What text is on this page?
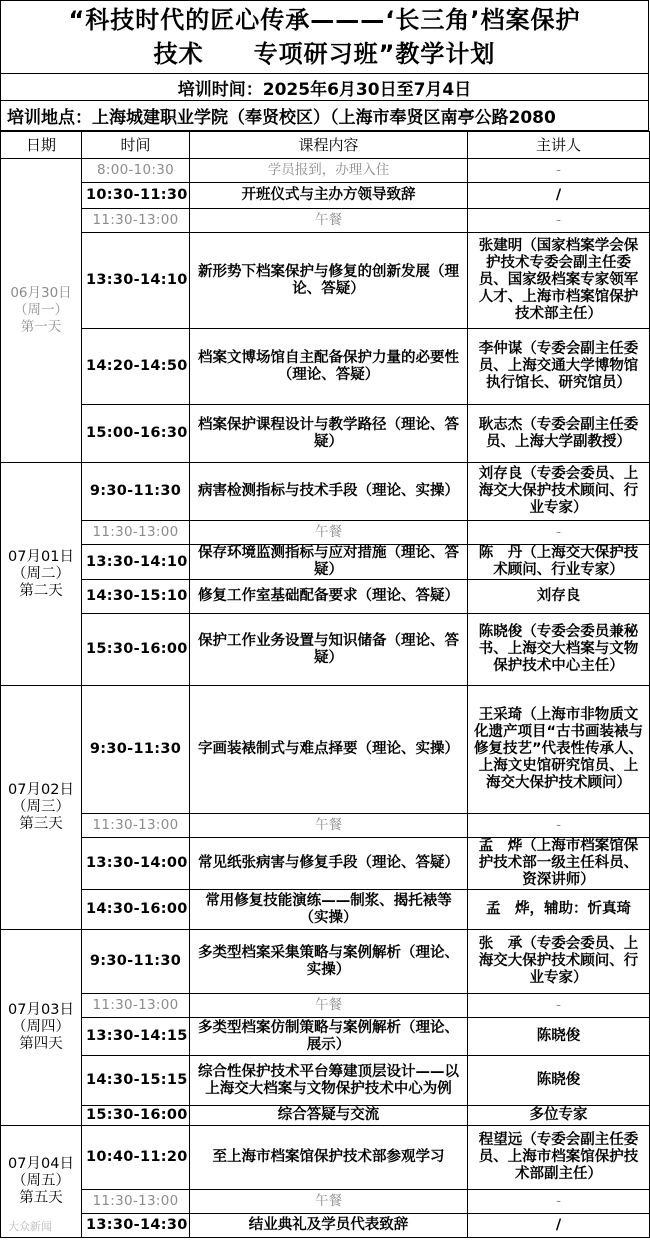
“科技时代的匠心传承———‘长三角’档案保护
技术　　专项研习班”教学计划
培训时间：2025年6月30日至7月4日
培训地点：上海城建职业学院（奉贤校区）（上海市奉贤区南亭公路2080
日期	时间	课程内容	主讲人

06月30日
（周一）
第一天	8:00-10:30	学员报到，办理入住	-
	10:30-11:30	开班仪式与主办方领导致辞	/
	11:30-13:00	午餐	-
	13:30-14:10	新形势下档案保护与修复的创新发展（理论、答疑）	张建明（国家档案学会保护技术专委会副主任委员、国家级档案专家领军人才、上海市档案馆保护技术部主任）
	14:20-14:50	档案文博场馆自主配备保护力量的必要性（理论、答疑）	李仲谋（专委会副主任委员、上海交通大学博物馆执行馆长、研究馆员）
	15:00-16:30	档案保护课程设计与教学路径（理论、答疑）	耿志杰（专委会副主任委员、上海大学副教授）

07月01日
（周二）
第二天	9:30-11:30	病害检测指标与技术手段（理论、实操）	刘存良（专委会委员、上海交大保护技术顾问、行业专家）
	11:30-13:00	午餐	-
	13:30-14:10	保存环境监测指标与应对措施（理论、答疑）	陈　丹（上海交大保护技术顾问、行业专家）
	14:30-15:10	修复工作室基础配备要求（理论、答疑）	刘存良
	15:30-16:00	保护工作业务设置与知识储备（理论、答疑）	陈晓俊（专委会委员兼秘书、上海交大档案与文物保护技术中心主任）

07月02日
（周三）
第三天	9:30-11:30	字画装裱制式与难点择要（理论、实操）	王采琦（上海市非物质文化遗产项目“古书画装裱与修复技艺”代表性传承人、上海文史馆研究馆员、上海交大保护技术顾问）
	11:30-13:00	午餐	-
	13:30-14:00	常见纸张病害与修复手段（理论、答疑）	孟　烨（上海市档案馆保护技术部一级主任科员、资深讲师）
	14:30-16:00	常用修复技能演练——制浆、揭托裱等（实操）	孟　烨，辅助：忻真琦

07月03日
（周四）
第四天	9:30-11:30	多类型档案采集策略与案例解析（理论、实操）	张　承（专委会委员、上海交大保护技术顾问、行业专家）
	11:30-13:00	午餐	-
	13:30-14:15	多类型档案仿制策略与案例解析（理论、展示）	陈晓俊
	14:30-15:15	综合性保护技术平台筹建顶层设计——以上海交大档案与文物保护技术中心为例	陈晓俊
	15:30-16:00	综合答疑与交流	多位专家

07月04日
（周五）
第五天	10:40-11:20	至上海市档案馆保护技术部参观学习	程望远（专委会副主任委员、上海市档案馆保护技术部副主任）
	11:30-13:00	午餐	-
	13:30-14:30	结业典礼及学员代表致辞	/
大众新闻
